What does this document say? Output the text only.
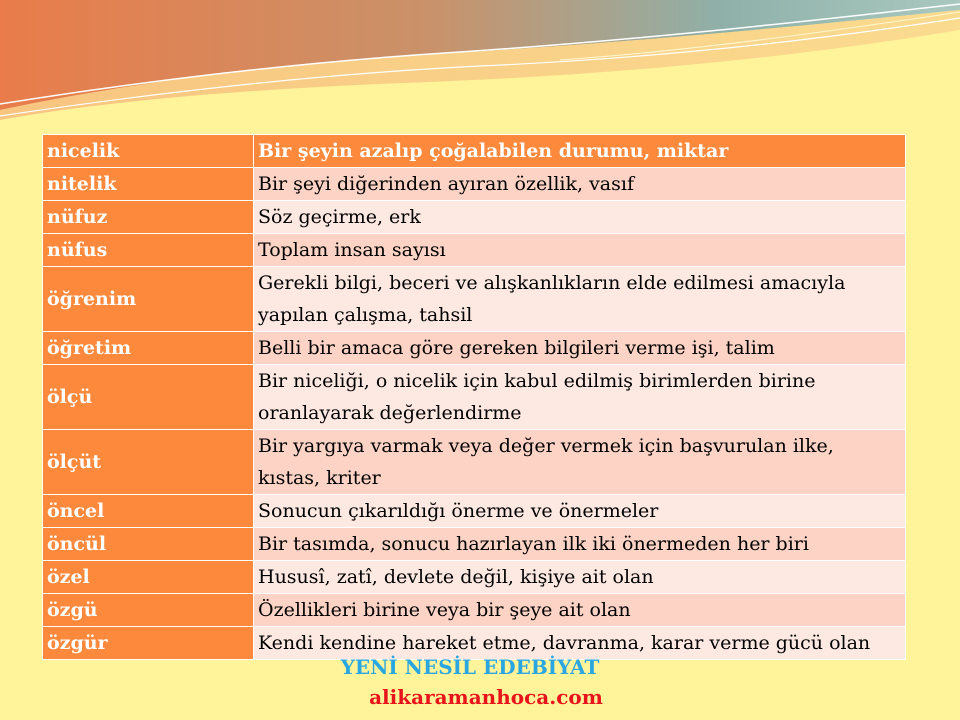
nicelik	Bir şeyin azalıp çoğalabilen durumu, miktar
nitelik	Bir şeyi diğerinden ayıran özellik, vasıf
nüfuz	Söz geçirme, erk
nüfus	Toplam insan sayısı
öğrenim	Gerekli bilgi, beceri ve alışkanlıkların elde edilmesi amacıyla yapılan çalışma, tahsil
öğretim	Belli bir amaca göre gereken bilgileri verme işi, talim
ölçü	Bir niceliği, o nicelik için kabul edilmiş birimlerden birine oranlayarak değerlendirme
ölçüt	Bir yargıya varmak veya değer vermek için başvurulan ilke, kıstas, kriter
öncel	Sonucun çıkarıldığı önerme ve önermeler
öncül	Bir tasımda, sonucu hazırlayan ilk iki önermeden her biri
özel	Hususî, zatî, devlete değil, kişiye ait olan
özgü	Özellikleri birine veya bir şeye ait olan
özgür	Kendi kendine hareket etme, davranma, karar verme gücü olan
YENİ NESİL EDEBİYAT
alikaramanhoca.com
